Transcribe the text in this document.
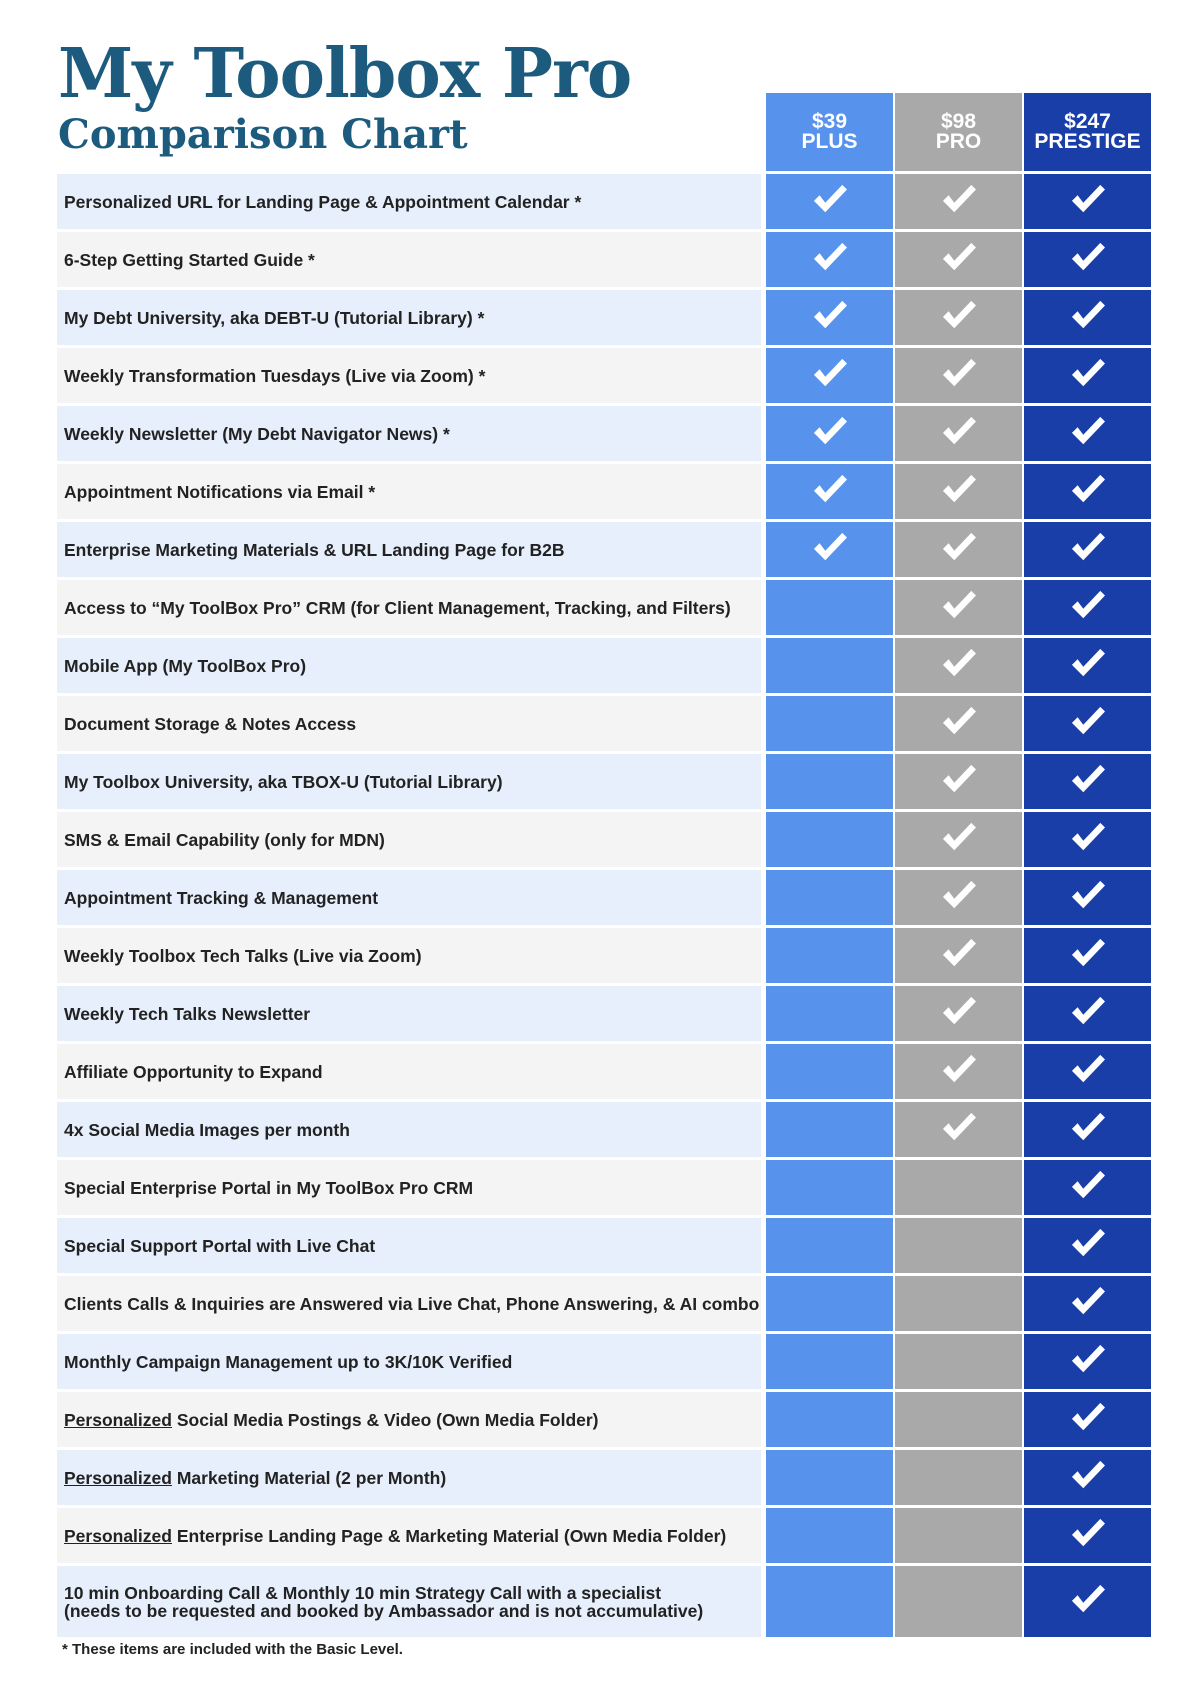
My Toolbox Pro
Comparison Chart	$39
PLUS
$98
PRO
$247
PRESTIGE
Personalized URL for Landing Page & Appointment Calendar *
6-Step Getting Started Guide *
My Debt University, aka DEBT-U (Tutorial Library) *
Weekly Transformation Tuesdays (Live via Zoom) *
Weekly Newsletter (My Debt Navigator News) *
Appointment Notifications via Email *
Enterprise Marketing Materials & URL Landing Page for B2B
Access to “My ToolBox Pro” CRM (for Client Management, Tracking, and Filters)
Mobile App (My ToolBox Pro)
Document Storage & Notes Access
My Toolbox University, aka TBOX-U (Tutorial Library)
SMS & Email Capability (only for MDN)
Appointment Tracking & Management
Weekly Toolbox Tech Talks (Live via Zoom)
Weekly Tech Talks Newsletter
Affiliate Opportunity to Expand
4x Social Media Images per month
Special Enterprise Portal in My ToolBox Pro CRM
Special Support Portal with Live Chat
Clients Calls & Inquiries are Answered via Live Chat, Phone Answering, & AI combo
Monthly Campaign Management up to 3K/10K Verified
Personalized Social Media Postings & Video (Own Media Folder)
Personalized Marketing Material (2 per Month)
Personalized Enterprise Landing Page & Marketing Material (Own Media Folder)
10 min Onboarding Call & Monthly 10 min Strategy Call with a specialist
(needs to be requested and booked by Ambassador and is not accumulative)

* These items are included with the Basic Level.
